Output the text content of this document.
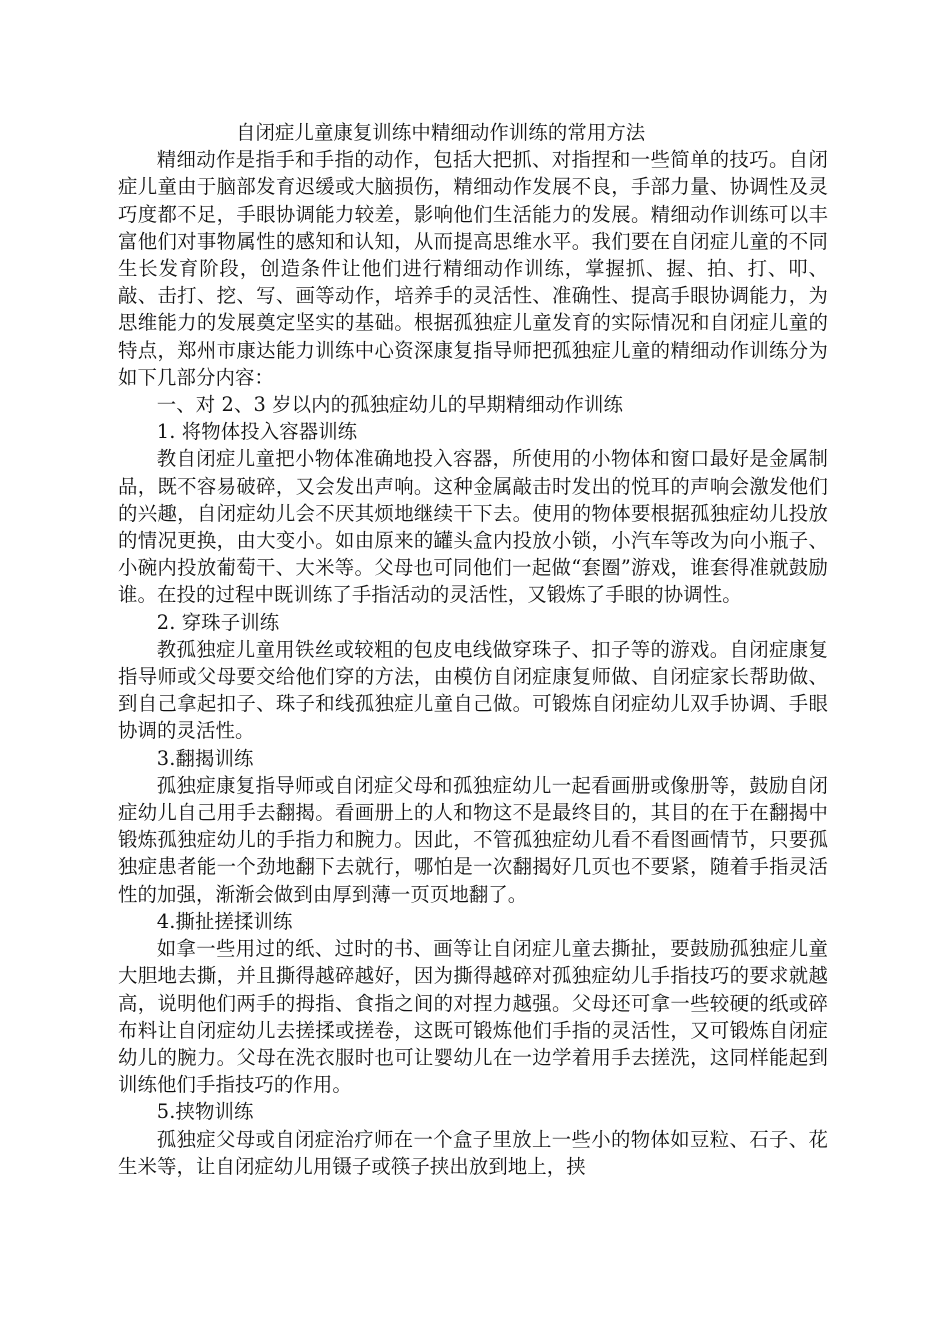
自闭症儿童康复训练中精细动作训练的常用方法

精细动作是指手和手指的动作，包括大把抓、对指捏和一些简单的技巧。自闭症儿童由于脑部发育迟缓或大脑损伤，精细动作发展不良，手部力量、协调性及灵巧度都不足，手眼协调能力较差，影响他们生活能力的发展。精细动作训练可以丰富他们对事物属性的感知和认知，从而提高思维水平。我们要在自闭症儿童的不同生长发育阶段，创造条件让他们进行精细动作训练，掌握抓、握、拍、打、叩、敲、击打、挖、写、画等动作，培养手的灵活性、准确性、提高手眼协调能力，为思维能力的发展奠定坚实的基础。根据孤独症儿童发育的实际情况和自闭症儿童的特点，郑州市康达能力训练中心资深康复指导师把孤独症儿童的精细动作训练分为如下几部分内容：

一、对 2、3 岁以内的孤独症幼儿的早期精细动作训练
1. 将物体投入容器训练

教自闭症儿童把小物体准确地投入容器，所使用的小物体和窗口最好是金属制品，既不容易破碎，又会发出声响。这种金属敲击时发出的悦耳的声响会激发他们的兴趣，自闭症幼儿会不厌其烦地继续干下去。使用的物体要根据孤独症幼儿投放的情况更换，由大变小。如由原来的罐头盒内投放小锁，小汽车等改为向小瓶子、小碗内投放葡萄干、大米等。父母也可同他们一起做“套圈”游戏，谁套得准就鼓励谁。在投的过程中既训练了手指活动的灵活性，又锻炼了手眼的协调性。

2. 穿珠子训练

教孤独症儿童用铁丝或较粗的包皮电线做穿珠子、扣子等的游戏。自闭症康复指导师或父母要交给他们穿的方法，由模仿自闭症康复师做、自闭症家长帮助做、到自己拿起扣子、珠子和线孤独症儿童自己做。可锻炼自闭症幼儿双手协调、手眼协调的灵活性。

3.翻揭训练

孤独症康复指导师或自闭症父母和孤独症幼儿一起看画册或像册等，鼓励自闭症幼儿自己用手去翻揭。看画册上的人和物这不是最终目的，其目的在于在翻揭中锻炼孤独症幼儿的手指力和腕力。因此，不管孤独症幼儿看不看图画情节，只要孤独症患者能一个劲地翻下去就行，哪怕是一次翻揭好几页也不要紧，随着手指灵活性的加强，渐渐会做到由厚到薄一页页地翻了。

4.撕扯搓揉训练

如拿一些用过的纸、过时的书、画等让自闭症儿童去撕扯，要鼓励孤独症儿童大胆地去撕，并且撕得越碎越好，因为撕得越碎对孤独症幼儿手指技巧的要求就越高，说明他们两手的拇指、食指之间的对捏力越强。父母还可拿一些较硬的纸或碎布料让自闭症幼儿去搓揉或搓卷，这既可锻炼他们手指的灵活性，又可锻炼自闭症幼儿的腕力。父母在洗衣服时也可让婴幼儿在一边学着用手去搓洗，这同样能起到训练他们手指技巧的作用。

5.挟物训练

孤独症父母或自闭症治疗师在一个盒子里放上一些小的物体如豆粒、石子、花生米等，让自闭症幼儿用镊子或筷子挟出放到地上，挟
